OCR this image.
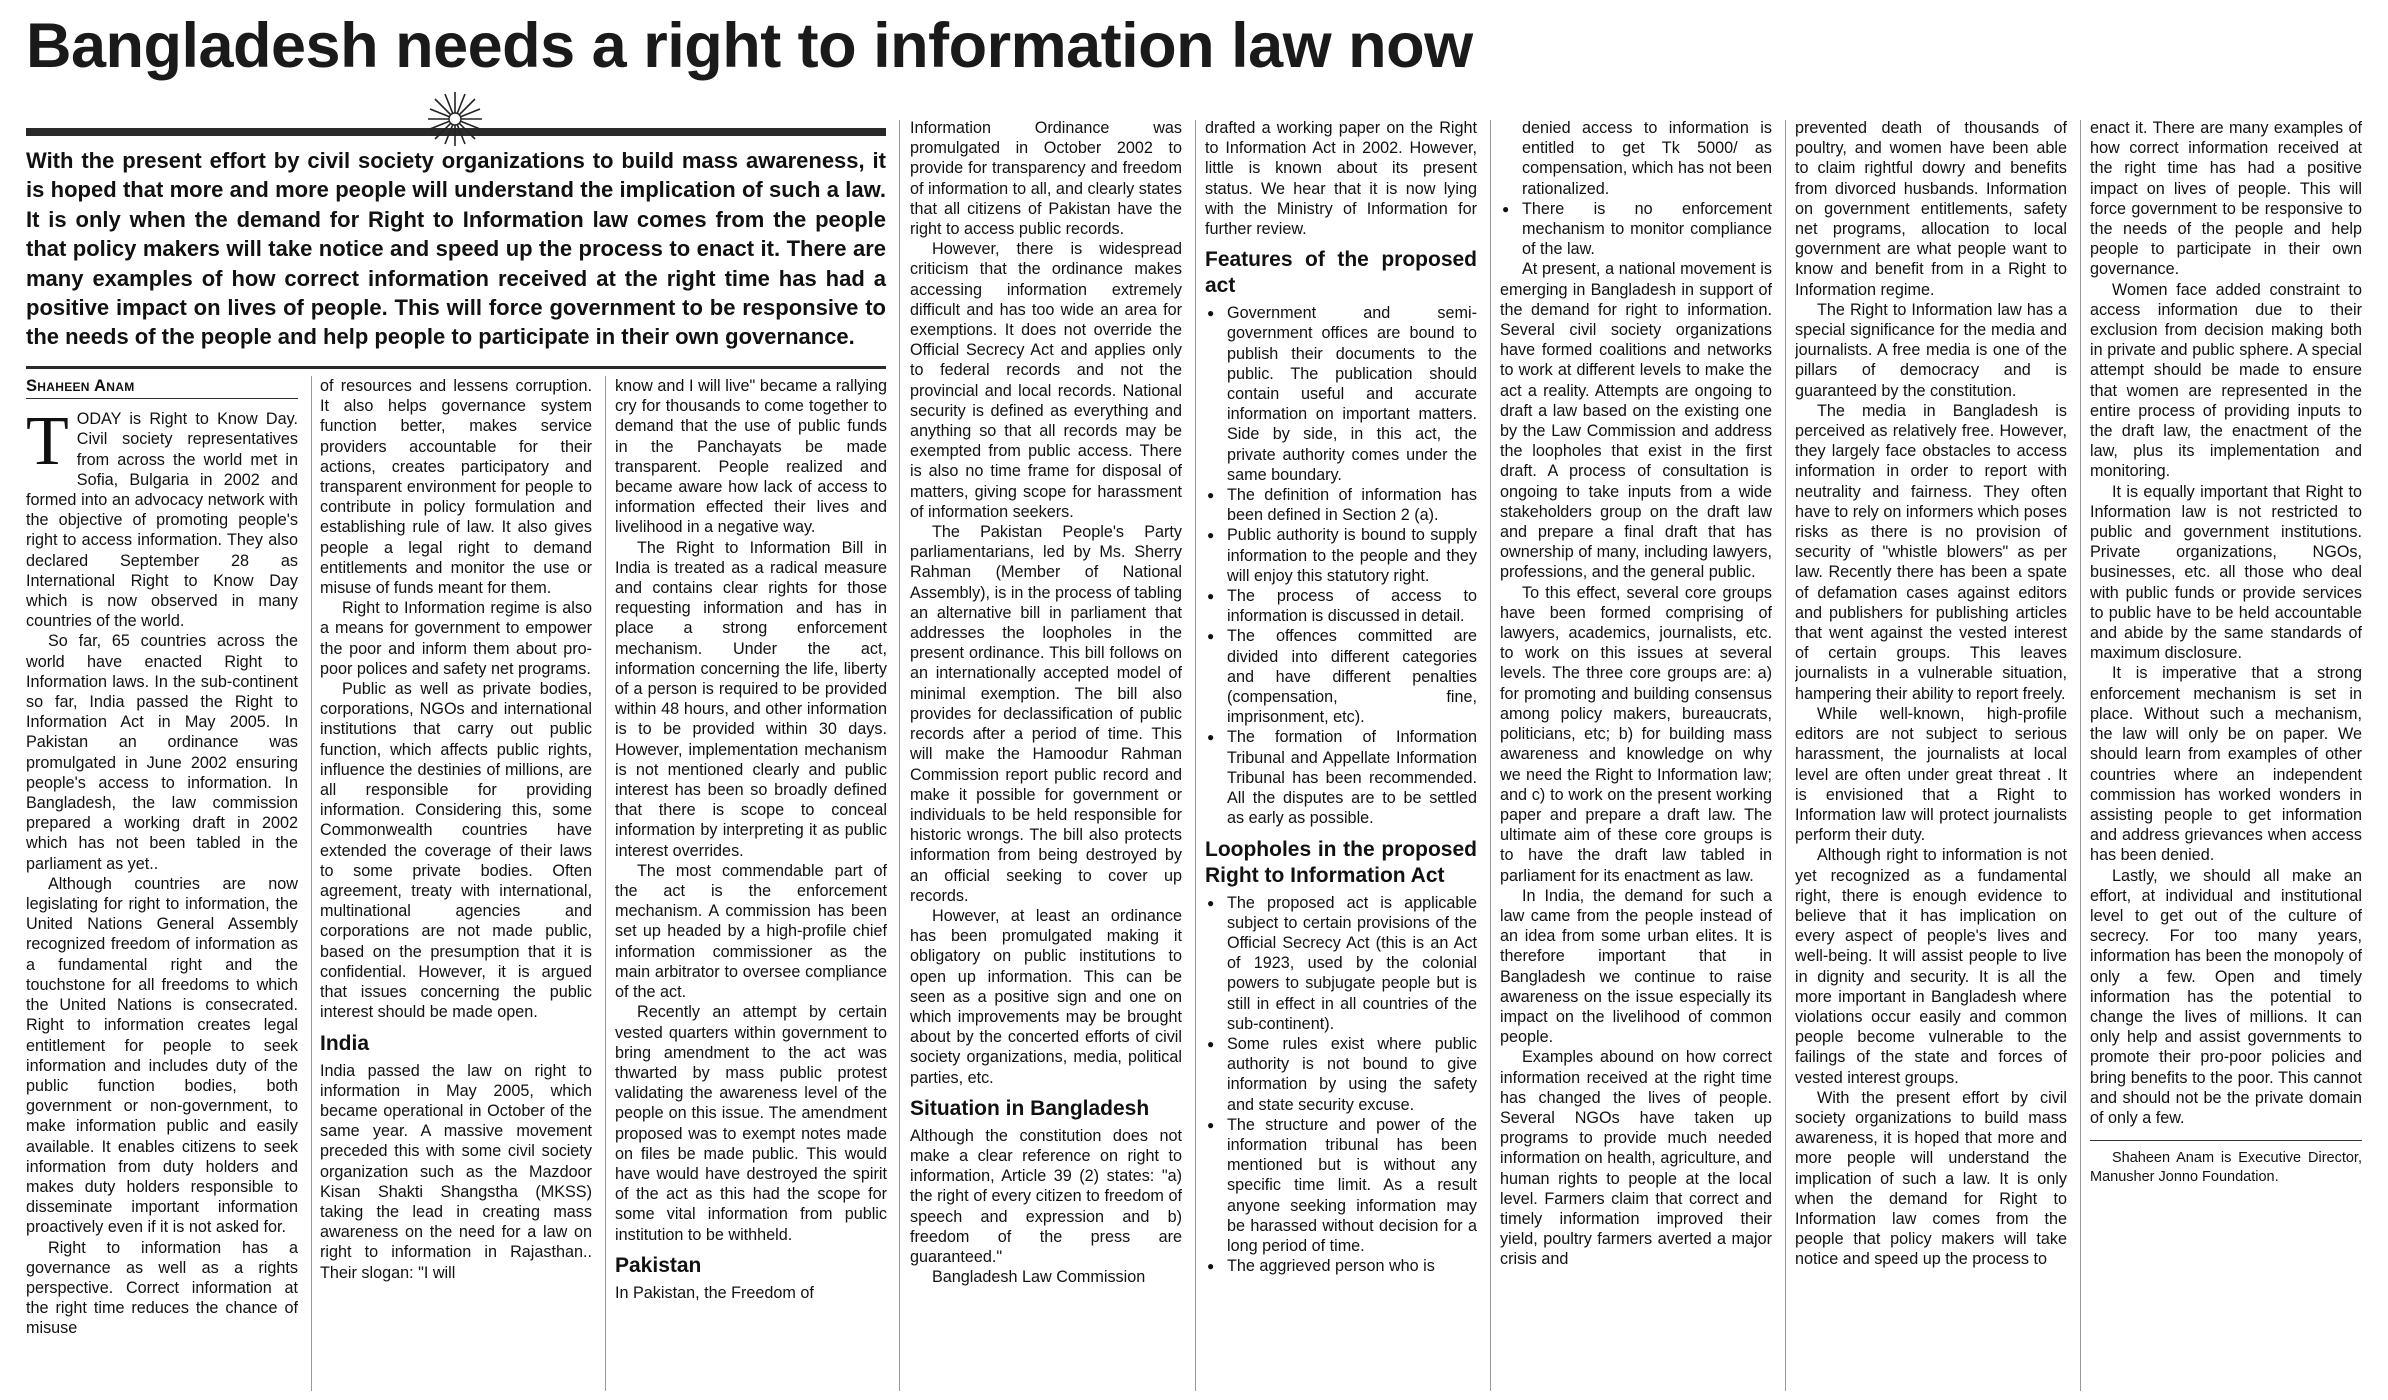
Bangladesh needs a right to information law now

With the present effort by civil society organizations to build mass awareness, it is hoped that more and more people will understand the implication of such a law. It is only when the demand for Right to Information law comes from the people that policy makers will take notice and speed up the process to enact it. There are many examples of how correct information received at the right time has had a positive impact on lives of people. This will force government to be responsive to the needs of the people and help people to participate in their own governance.

Shaheen Anam
T ODAY is Right to Know Day. Civil society representatives from across the world met in Sofia, Bulgaria in 2002 and formed into an advocacy network with the objective of promoting people's right to access information. They also declared September 28 as International Right to Know Day which is now observed in many countries of the world.

So far, 65 countries across the world have enacted Right to Information laws. In the sub-continent so far, India passed the Right to Information Act in May 2005. In Pakistan an ordinance was promulgated in June 2002 ensuring people's access to information. In Bangladesh, the law commission prepared a working draft in 2002 which has not been tabled in the parliament as yet..

Although countries are now legislating for right to information, the United Nations General Assembly recognized freedom of information as a fundamental right and the touchstone for all freedoms to which the United Nations is consecrated. Right to information creates legal entitlement for people to seek information and includes duty of the public function bodies, both government or non-government, to make information public and easily available. It enables citizens to seek information from duty holders and makes duty holders responsible to disseminate important information proactively even if it is not asked for.

Right to information has a governance as well as a rights perspective. Correct information at the right time reduces the chance of misuse

of resources and lessens corruption. It also helps governance system function better, makes service providers accountable for their actions, creates participatory and transparent environment for people to contribute in policy formulation and establishing rule of law. It also gives people a legal right to demand entitlements and monitor the use or misuse of funds meant for them.

Right to Information regime is also a means for government to empower the poor and inform them about pro-poor polices and safety net programs.

Public as well as private bodies, corporations, NGOs and international institutions that carry out public function, which affects public rights, influence the destinies of millions, are all responsible for providing information. Considering this, some Commonwealth countries have extended the coverage of their laws to some private bodies. Often agreement, treaty with international, multinational agencies and corporations are not made public, based on the presumption that it is confidential. However, it is argued that issues concerning the public interest should be made open.

India

India passed the law on right to information in May 2005, which became operational in October of the same year. A massive movement preceded this with some civil society organization such as the Mazdoor Kisan Shakti Shangstha (MKSS) taking the lead in creating mass awareness on the need for a law on right to information in Rajasthan.. Their slogan: "I will

know and I will live" became a rallying cry for thousands to come together to demand that the use of public funds in the Panchayats be made transparent. People realized and became aware how lack of access to information effected their lives and livelihood in a negative way.

The Right to Information Bill in India is treated as a radical measure and contains clear rights for those requesting information and has in place a strong enforcement mechanism. Under the act, information concerning the life, liberty of a person is required to be provided within 48 hours, and other information is to be provided within 30 days. However, implementation mechanism is not mentioned clearly and public interest has been so broadly defined that there is scope to conceal information by interpreting it as public interest overrides.

The most commendable part of the act is the enforcement mechanism. A commission has been set up headed by a high-profile chief information commissioner as the main arbitrator to oversee compliance of the act.

Recently an attempt by certain vested quarters within government to bring amendment to the act was thwarted by mass public protest validating the awareness level of the people on this issue. The amendment proposed was to exempt notes made on files be made public. This would have would have destroyed the spirit of the act as this had the scope for some vital information from public institution to be withheld.

Pakistan

In Pakistan, the Freedom of

Information Ordinance was promulgated in October 2002 to provide for transparency and freedom of information to all, and clearly states that all citizens of Pakistan have the right to access public records.

However, there is widespread criticism that the ordinance makes accessing information extremely difficult and has too wide an area for exemptions. It does not override the Official Secrecy Act and applies only to federal records and not the provincial and local records. National security is defined as everything and anything so that all records may be exempted from public access. There is also no time frame for disposal of matters, giving scope for harassment of information seekers.

The Pakistan People's Party parliamentarians, led by Ms. Sherry Rahman (Member of National Assembly), is in the process of tabling an alternative bill in parliament that addresses the loopholes in the present ordinance. This bill follows on an internationally accepted model of minimal exemption. The bill also provides for declassification of public records after a period of time. This will make the Hamoodur Rahman Commission report public record and make it possible for government or individuals to be held responsible for historic wrongs. The bill also protects information from being destroyed by an official seeking to cover up records.

However, at least an ordinance has been promulgated making it obligatory on public institutions to open up information. This can be seen as a positive sign and one on which improvements may be brought about by the concerted efforts of civil society organizations, media, political parties, etc.

Situation in Bangladesh

Although the constitution does not make a clear reference on right to information, Article 39 (2) states: "a) the right of every citizen to freedom of speech and expression and b) freedom of the press are guaranteed."

Bangladesh Law Commission

drafted a working paper on the Right to Information Act in 2002. However, little is known about its present status. We hear that it is now lying with the Ministry of Information for further review.

Features of the proposed act
● Government and semi-government offices are bound to publish their documents to the public. The publication should contain useful and accurate information on important matters. Side by side, in this act, the private authority comes under the same boundary.
● The definition of information has been defined in Section 2 (a).
● Public authority is bound to supply information to the people and they will enjoy this statutory right.
● The process of access to information is discussed in detail.
● The offences committed are divided into different categories and have different penalties (compensation, fine, imprisonment, etc).
● The formation of Information Tribunal and Appellate Information Tribunal has been recommended. All the disputes are to be settled as early as possible.
Loopholes in the proposed Right to Information Act
● The proposed act is applicable subject to certain provisions of the Official Secrecy Act (this is an Act of 1923, used by the colonial powers to subjugate people but is still in effect in all countries of the sub-continent).
● Some rules exist where public authority is not bound to give information by using the safety and state security excuse.
● The structure and power of the information tribunal has been mentioned but is without any specific time limit. As a result anyone seeking information may be harassed without decision for a long period of time.
● The aggrieved person who is

denied access to information is entitled to get Tk 5000/ as compensation, which has not been rationalized.

● There is no enforcement mechanism to monitor compliance of the law.

At present, a national movement is emerging in Bangladesh in support of the demand for right to information. Several civil society organizations have formed coalitions and networks to work at different levels to make the act a reality. Attempts are ongoing to draft a law based on the existing one by the Law Commission and address the loopholes that exist in the first draft. A process of consultation is ongoing to take inputs from a wide stakeholders group on the draft law and prepare a final draft that has ownership of many, including lawyers, professions, and the general public.

To this effect, several core groups have been formed comprising of lawyers, academics, journalists, etc. to work on this issues at several levels. The three core groups are: a) for promoting and building consensus among policy makers, bureaucrats, politicians, etc; b) for building mass awareness and knowledge on why we need the Right to Information law; and c) to work on the present working paper and prepare a draft law. The ultimate aim of these core groups is to have the draft law tabled in parliament for its enactment as law.

In India, the demand for such a law came from the people instead of an idea from some urban elites. It is therefore important that in Bangladesh we continue to raise awareness on the issue especially its impact on the livelihood of common people.

Examples abound on how correct information received at the right time has changed the lives of people. Several NGOs have taken up programs to provide much needed information on health, agriculture, and human rights to people at the local level. Farmers claim that correct and timely information improved their yield, poultry farmers averted a major crisis and

prevented death of thousands of poultry, and women have been able to claim rightful dowry and benefits from divorced husbands. Information on government entitlements, safety net programs, allocation to local government are what people want to know and benefit from in a Right to Information regime.

The Right to Information law has a special significance for the media and journalists. A free media is one of the pillars of democracy and is guaranteed by the constitution.

The media in Bangladesh is perceived as relatively free. However, they largely face obstacles to access information in order to report with neutrality and fairness. They often have to rely on informers which poses risks as there is no provision of security of "whistle blowers" as per law. Recently there has been a spate of defamation cases against editors and publishers for publishing articles that went against the vested interest of certain groups. This leaves journalists in a vulnerable situation, hampering their ability to report freely.

While well-known, high-profile editors are not subject to serious harassment, the journalists at local level are often under great threat . It is envisioned that a Right to Information law will protect journalists perform their duty.

Although right to information is not yet recognized as a fundamental right, there is enough evidence to believe that it has implication on every aspect of people's lives and well-being. It will assist people to live in dignity and security. It is all the more important in Bangladesh where violations occur easily and common people become vulnerable to the failings of the state and forces of vested interest groups.

With the present effort by civil society organizations to build mass awareness, it is hoped that more and more people will understand the implication of such a law. It is only when the demand for Right to Information law comes from the people that policy makers will take notice and speed up the process to

enact it. There are many examples of how correct information received at the right time has had a positive impact on lives of people. This will force government to be responsive to the needs of the people and help people to participate in their own governance.

Women face added constraint to access information due to their exclusion from decision making both in private and public sphere. A special attempt should be made to ensure that women are represented in the entire process of providing inputs to the draft law, the enactment of the law, plus its implementation and monitoring.

It is equally important that Right to Information law is not restricted to public and government institutions. Private organizations, NGOs, businesses, etc. all those who deal with public funds or provide services to public have to be held accountable and abide by the same standards of maximum disclosure.

It is imperative that a strong enforcement mechanism is set in place. Without such a mechanism, the law will only be on paper. We should learn from examples of other countries where an independent commission has worked wonders in assisting people to get information and address grievances when access has been denied.

Lastly, we should all make an effort, at individual and institutional level to get out of the culture of secrecy. For too many years, information has been the monopoly of only a few. Open and timely information has the potential to change the lives of millions. It can only help and assist governments to promote their pro-poor policies and bring benefits to the poor. This cannot and should not be the private domain of only a few.

Shaheen Anam is Executive Director, Manusher Jonno Foundation.
